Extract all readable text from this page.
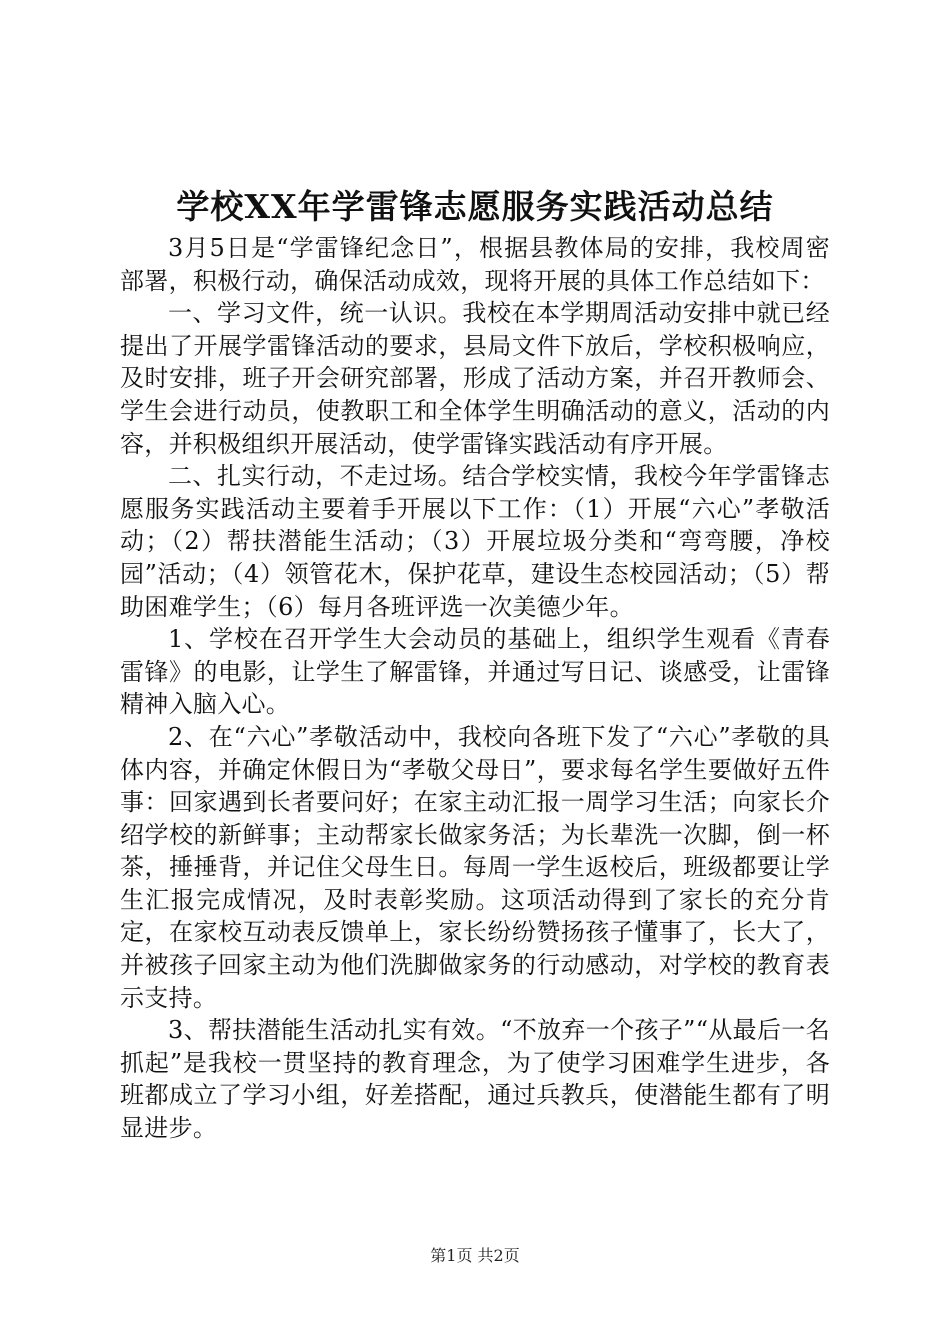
学校XX年学雷锋志愿服务实践活动总结

3月5日是“学雷锋纪念日”，根据县教体局的安排，我校周密部署，积极行动，确保活动成效，现将开展的具体工作总结如下：

一、学习文件，统一认识。我校在本学期周活动安排中就已经提出了开展学雷锋活动的要求，县局文件下放后，学校积极响应，及时安排，班子开会研究部署，形成了活动方案，并召开教师会、学生会进行动员，使教职工和全体学生明确活动的意义，活动的内容，并积极组织开展活动，使学雷锋实践活动有序开展。

二、扎实行动，不走过场。结合学校实情，我校今年学雷锋志愿服务实践活动主要着手开展以下工作：（1）开展“六心”孝敬活动；（2）帮扶潜能生活动；（3）开展垃圾分类和“弯弯腰，净校园”活动；（4）领管花木，保护花草，建设生态校园活动；（5）帮助困难学生；（6）每月各班评选一次美德少年。

1、学校在召开学生大会动员的基础上，组织学生观看《青春雷锋》的电影，让学生了解雷锋，并通过写日记、谈感受，让雷锋精神入脑入心。

2、在“六心”孝敬活动中，我校向各班下发了“六心”孝敬的具体内容，并确定休假日为“孝敬父母日”，要求每名学生要做好五件事：回家遇到长者要问好；在家主动汇报一周学习生活；向家长介绍学校的新鲜事；主动帮家长做家务活；为长辈洗一次脚，倒一杯茶，捶捶背，并记住父母生日。每周一学生返校后，班级都要让学生汇报完成情况，及时表彰奖励。这项活动得到了家长的充分肯定，在家校互动表反馈单上，家长纷纷赞扬孩子懂事了，长大了，并被孩子回家主动为他们洗脚做家务的行动感动，对学校的教育表示支持。

3、帮扶潜能生活动扎实有效。“不放弃一个孩子”“从最后一名抓起”是我校一贯坚持的教育理念，为了使学习困难学生进步，各班都成立了学习小组，好差搭配，通过兵教兵，使潜能生都有了明显进步。

第1页 共2页
